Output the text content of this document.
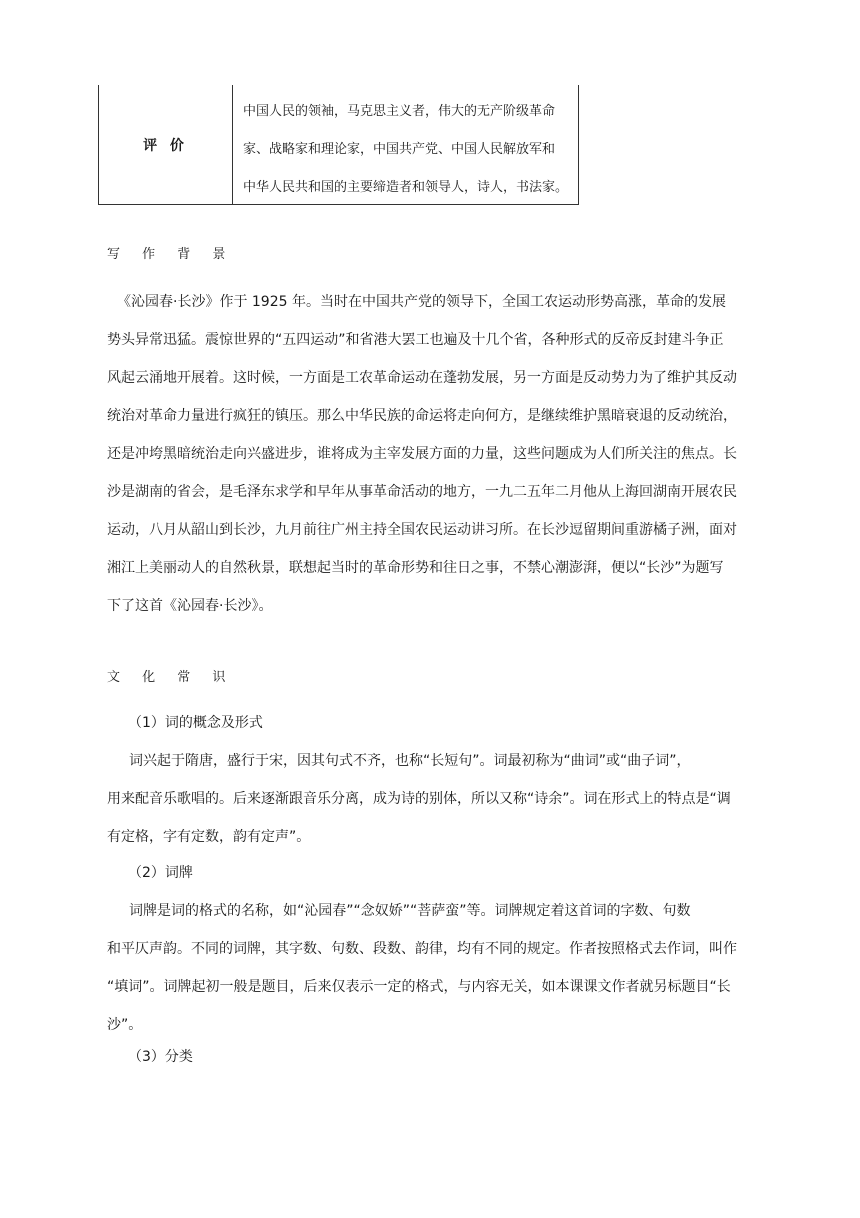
评 价
中国人民的领袖，马克思主义者，伟大的无产阶级革命
家、战略家和理论家，中国共产党、中国人民解放军和
中华人民共和国的主要缔造者和领导人，诗人，书法家。
写 作 背 景
《沁园春·长沙》作于 1925 年。当时在中国共产党的领导下，全国工农运动形势高涨，革命的发展
势头异常迅猛。震惊世界的“五四运动”和省港大罢工也遍及十几个省，各种形式的反帝反封建斗争正
风起云涌地开展着。这时候，一方面是工农革命运动在蓬勃发展，另一方面是反动势力为了维护其反动
统治对革命力量进行疯狂的镇压。那么中华民族的命运将走向何方，是继续维护黑暗衰退的反动统治，
还是冲垮黑暗统治走向兴盛进步，谁将成为主宰发展方面的力量，这些问题成为人们所关注的焦点。长
沙是湖南的省会，是毛泽东求学和早年从事革命活动的地方，一九二五年二月他从上海回湖南开展农民
运动，八月从韶山到长沙，九月前往广州主持全国农民运动讲习所。在长沙逗留期间重游橘子洲，面对
湘江上美丽动人的自然秋景，联想起当时的革命形势和往日之事，不禁心潮澎湃，便以“长沙”为题写
下了这首《沁园春·长沙》。
文 化 常 识
（1）词的概念及形式
词兴起于隋唐，盛行于宋，因其句式不齐，也称“长短句”。词最初称为“曲词”或“曲子词”，
用来配音乐歌唱的。后来逐渐跟音乐分离，成为诗的别体，所以又称“诗余”。词在形式上的特点是“调
有定格，字有定数，韵有定声”。
（2）词牌
词牌是词的格式的名称，如“沁园春”“念奴娇”“菩萨蛮”等。词牌规定着这首词的字数、句数
和平仄声韵。不同的词牌，其字数、句数、段数、韵律，均有不同的规定。作者按照格式去作词，叫作
“填词”。词牌起初一般是题目，后来仅表示一定的格式，与内容无关，如本课课文作者就另标题目“长
沙”。
（3）分类
